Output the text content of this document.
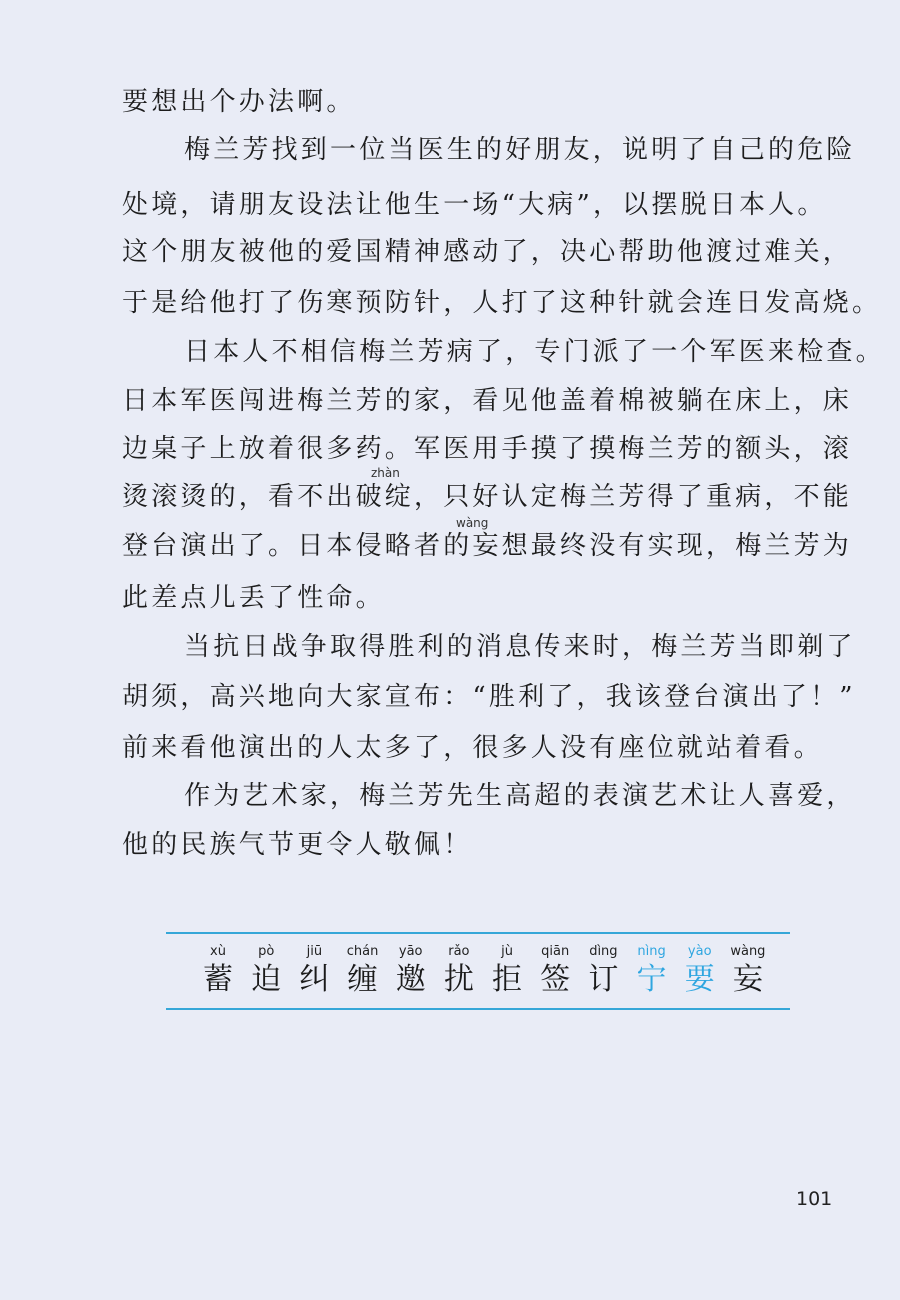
要想出个办法啊。
梅兰芳找到一位当医生的好朋友，说明了自己的危险
处境，请朋友设法让他生一场“大病”，以摆脱日本人。
这个朋友被他的爱国精神感动了，决心帮助他渡过难关，
于是给他打了伤寒预防针，人打了这种针就会连日发高烧。
日本人不相信梅兰芳病了，专门派了一个军医来检查。
日本军医闯进梅兰芳的家，看见他盖着棉被躺在床上，床
边桌子上放着很多药。军医用手摸了摸梅兰芳的额头，滚
zhàn
烫滚烫的，看不出破绽，只好认定梅兰芳得了重病，不能
wàng
登台演出了。日本侵略者的妄想最终没有实现，梅兰芳为
此差点儿丢了性命。
当抗日战争取得胜利的消息传来时，梅兰芳当即剃了
胡须，高兴地向大家宣布：“胜利了，我该登台演出了！”
前来看他演出的人太多了，很多人没有座位就站着看。
作为艺术家，梅兰芳先生高超的表演艺术让人喜爱，
他的民族气节更令人敬佩！
xù
蓄
pò
迫
jiū
纠
chán
缠
yāo
邀
rǎo
扰
jù
拒
qiān
签
dìng
订
nìng
宁
yào
要
wàng
妄
101
